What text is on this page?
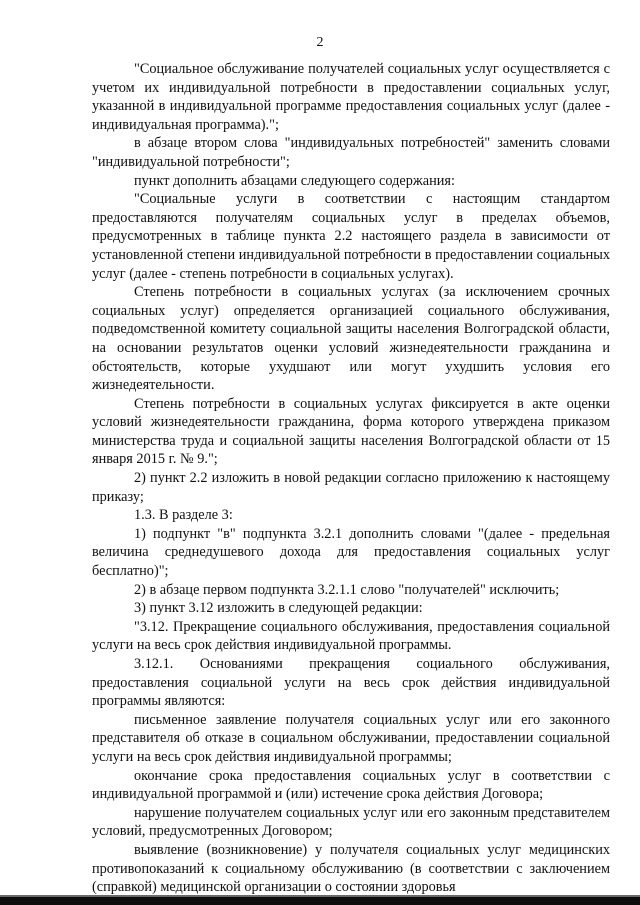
2

"Социальное обслуживание получателей социальных услуг осуществляется с учетом их индивидуальной потребности в предоставлении социальных услуг, указанной в индивидуальной программе предоставления социальных услуг (далее - индивидуальная программа).";

в абзаце втором слова "индивидуальных потребностей" заменить словами "индивидуальной потребности";

пункт дополнить абзацами следующего содержания:

"Социальные услуги в соответствии с настоящим стандартом предоставляются получателям социальных услуг в пределах объемов, предусмотренных в таблице пункта 2.2 настоящего раздела в зависимости от установленной степени индивидуальной потребности в предоставлении социальных услуг (далее - степень потребности в социальных услугах).

Степень потребности в социальных услугах (за исключением срочных социальных услуг) определяется организацией социального обслуживания, подведомственной комитету социальной защиты населения Волгоградской области, на основании результатов оценки условий жизнедеятельности гражданина и обстоятельств, которые ухудшают или могут ухудшить условия его жизнедеятельности.

Степень потребности в социальных услугах фиксируется в акте оценки условий жизнедеятельности гражданина, форма которого утверждена приказом министерства труда и социальной защиты населения Волгоградской области от 15 января 2015 г. № 9.";

2) пункт 2.2 изложить в новой редакции согласно приложению к настоящему приказу;

1.3. В разделе 3:

1) подпункт "в" подпункта 3.2.1 дополнить словами "(далее - предельная величина среднедушевого дохода для предоставления социальных услуг бесплатно)";

2) в абзаце первом подпункта 3.2.1.1 слово "получателей" исключить;

3) пункт 3.12 изложить в следующей редакции:

"3.12. Прекращение социального обслуживания, предоставления социальной услуги на весь срок действия индивидуальной программы.

3.12.1. Основаниями прекращения социального обслуживания, предоставления социальной услуги на весь срок действия индивидуальной программы являются:

письменное заявление получателя социальных услуг или его законного представителя об отказе в социальном обслуживании, предоставлении социальной услуги на весь срок действия индивидуальной программы;

окончание срока предоставления социальных услуг в соответствии с индивидуальной программой и (или) истечение срока действия Договора;

нарушение получателем социальных услуг или его законным представителем условий, предусмотренных Договором;

выявление (возникновение) у получателя социальных услуг медицинских противопоказаний к социальному обслуживанию (в соответствии с заключением (справкой) медицинской организации о состоянии здоровья
